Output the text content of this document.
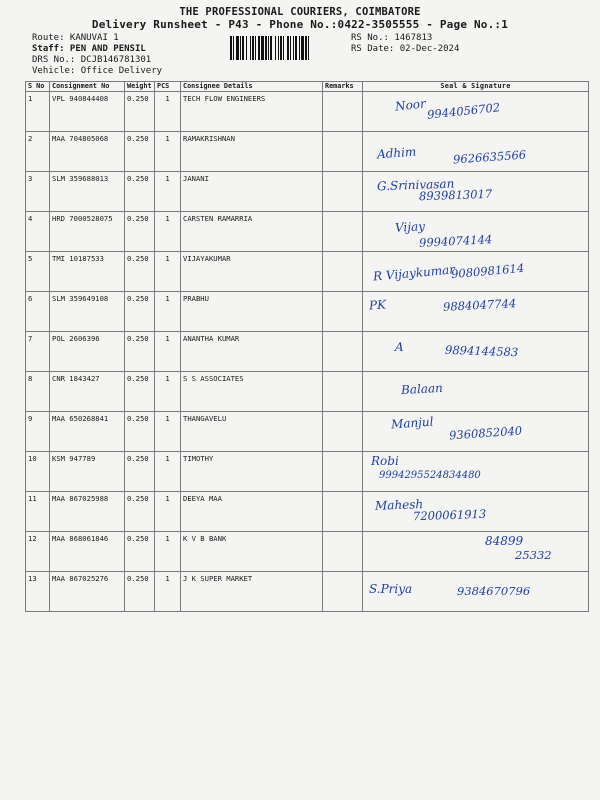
THE PROFESSIONAL COURIERS, COIMBATORE
Delivery Runsheet - P43 - Phone No.:0422-3505555 - Page No.:1
Route: KANUVAI 1
Staff: PEN AND PENSIL
DRS No.: DCJB146781301
Vehicle: Office Delivery
RS No.: 1467813
RS Date: 02-Dec-2024
S No	Consignment No	Weight	PCS	Consignee Details	Remarks	Seal & Signature
1	VPL 940844408	0.250	1	TECH FLOW ENGINEERS		Noor 9944056702

2	MAA 704805068	0.250	1	RAMAKRISHNAN		Adhim 9626635566

3	SLM 359688013	0.250	1	JANANI		G.Srinivasan
8939813017

4	HRD 7000528075	0.250	1	CARSTEN RAMARRIA		Vijay
9994074144

5	TMI 10187533	0.250	1	VIJAYAKUMAR		R Vijaykumar
9080981614

6	SLM 359649108	0.250	1	PRABHU		PK 9884047744

7	POL 2606396	0.250	1	ANANTHA KUMAR		A 9894144583

8	CNR 1843427	0.250	1	S S ASSOCIATES		Balaan

9	MAA 650268841	0.250	1	THANGAVELU		Manjul
9360852040

10	KSM 947789	0.250	1	TIMOTHY		Robi
9994295524834480

11	MAA 867025988	0.250	1	DEEYA MAA		Mahesh
7200061913

12	MAA 868061846	0.250	1	K V B BANK		84899
25332

13	MAA 867025276	0.250	1	J K SUPER MARKET		S.Priya 9384670796
